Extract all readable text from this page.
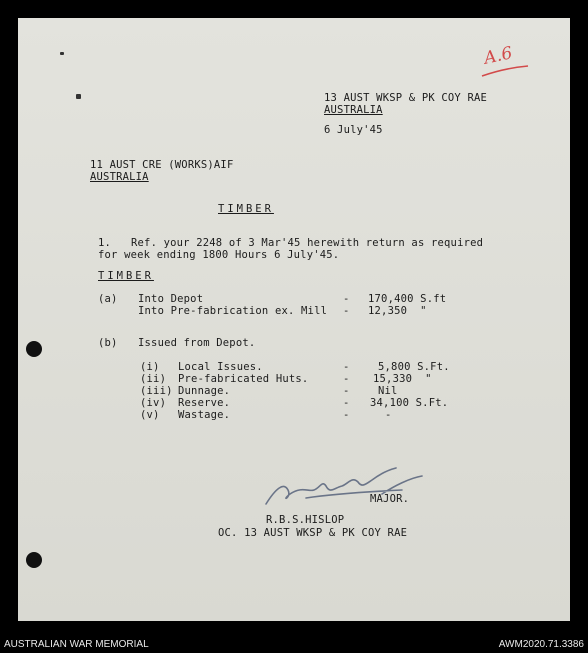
A.6
13 AUST WKSP & PK COY RAE
AUSTRALIA
6 July'45
11 AUST CRE (WORKS)AIF
AUSTRALIA
TIMBER
1. Ref. your 2248 of 3 Mar'45 herewith return as required
for week ending 1800 Hours 6 July'45.
TIMBER
(a) Into Depot	- 170,400 S.ft
Into Pre-fabrication ex. Mill - 12,350  "
(b) Issued from Depot.
(i) Local Issues.	-	5,800 S.Ft.
(ii) Pre-fabricated Huts.	- 15,330  "
(iii) Dunnage.	-	Nil
(iv) Reserve.	- 34,100 S.Ft.
(v) Wastage.	-	-
MAJOR.
R.B.S.HISLOP
OC. 13 AUST WKSP & PK COY RAE
AUSTRALIAN WAR MEMORIAL	AWM2020.71.3386
